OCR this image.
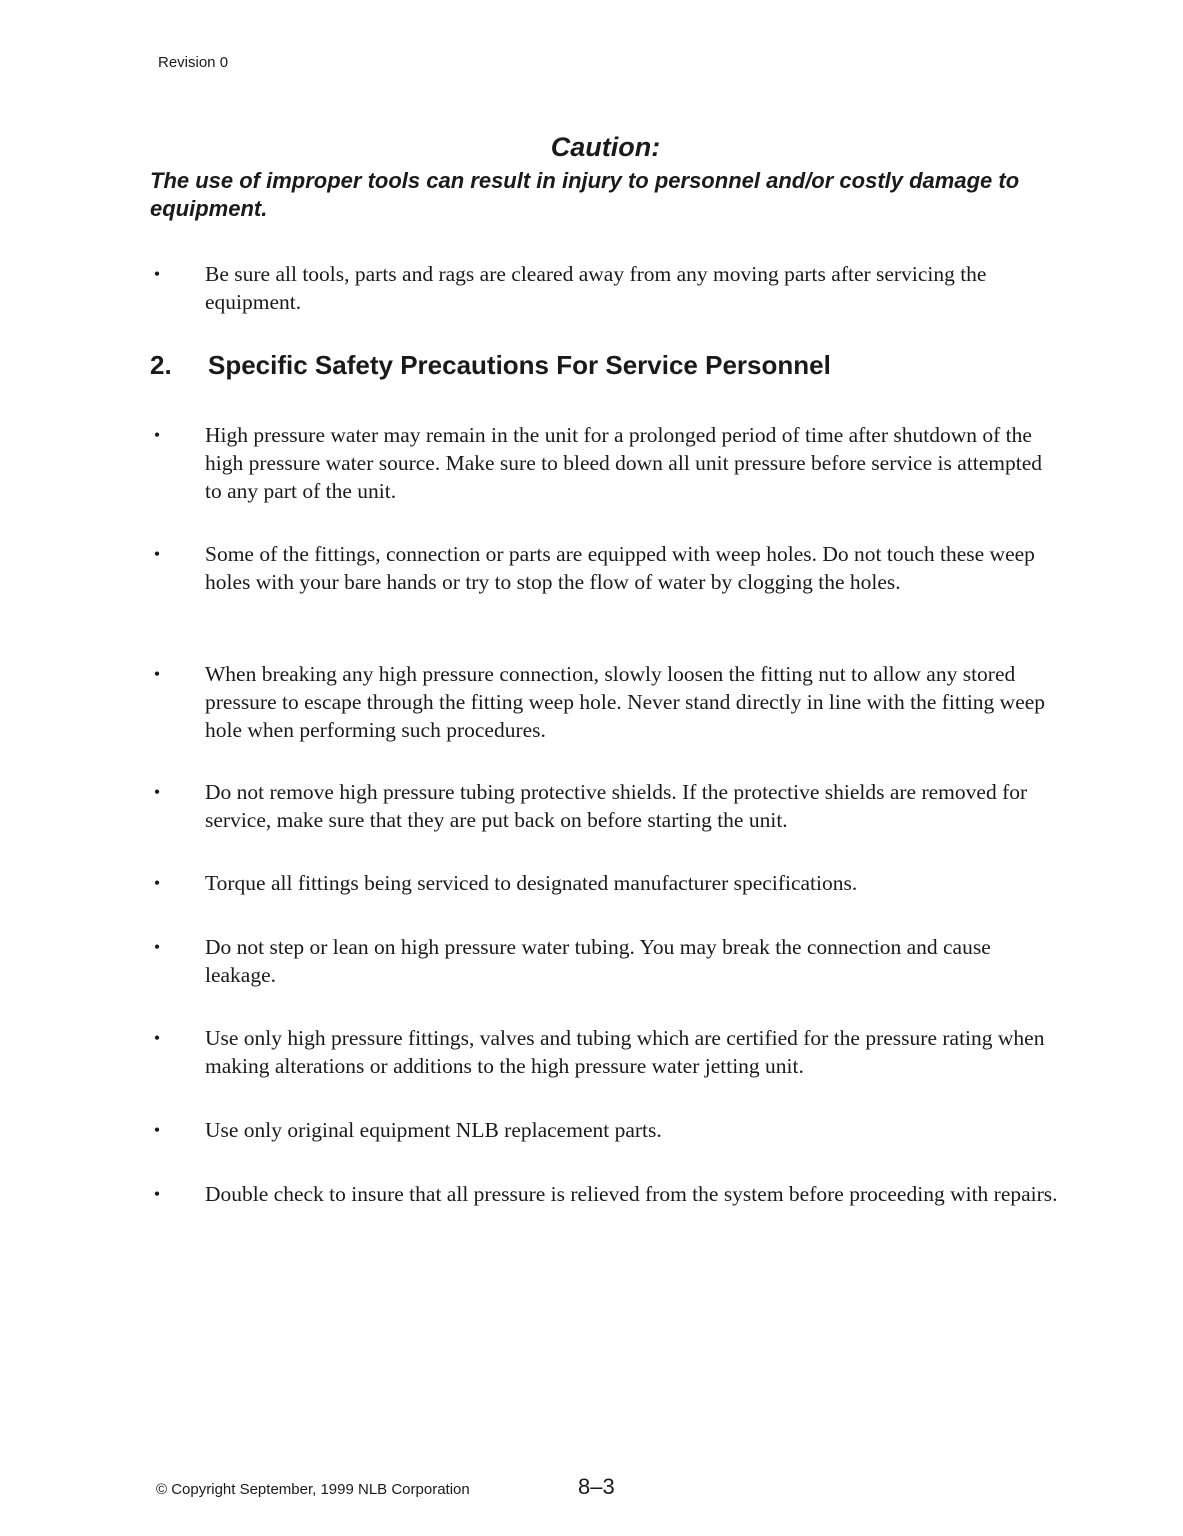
Revision 0
Caution:
The use of improper tools can result in injury to personnel and/or costly damage to equipment.
• Be sure all tools, parts and rags are cleared away from any moving parts after servicing the equipment.
2. Specific Safety Precautions For Service Personnel
• High pressure water may remain in the unit for a prolonged period of time after shutdown of the high pressure water source. Make sure to bleed down all unit pressure before service is attempted to any part of the unit.
• Some of the fittings, connection or parts are equipped with weep holes. Do not touch these weep holes with your bare hands or try to stop the flow of water by clogging the holes.
• When breaking any high pressure connection, slowly loosen the fitting nut to allow any stored pressure to escape through the fitting weep hole. Never stand directly in line with the fitting weep hole when performing such procedures.
• Do not remove high pressure tubing protective shields. If the protective shields are removed for service, make sure that they are put back on before starting the unit.
• Torque all fittings being serviced to designated manufacturer specifications.
• Do not step or lean on high pressure water tubing. You may break the connection and cause leakage.
• Use only high pressure fittings, valves and tubing which are certified for the pressure rating when making alterations or additions to the high pressure water jetting unit.
• Use only original equipment NLB replacement parts.
• Double check to insure that all pressure is relieved from the system before proceeding with repairs.
© Copyright September, 1999 NLB Corporation	8–3
